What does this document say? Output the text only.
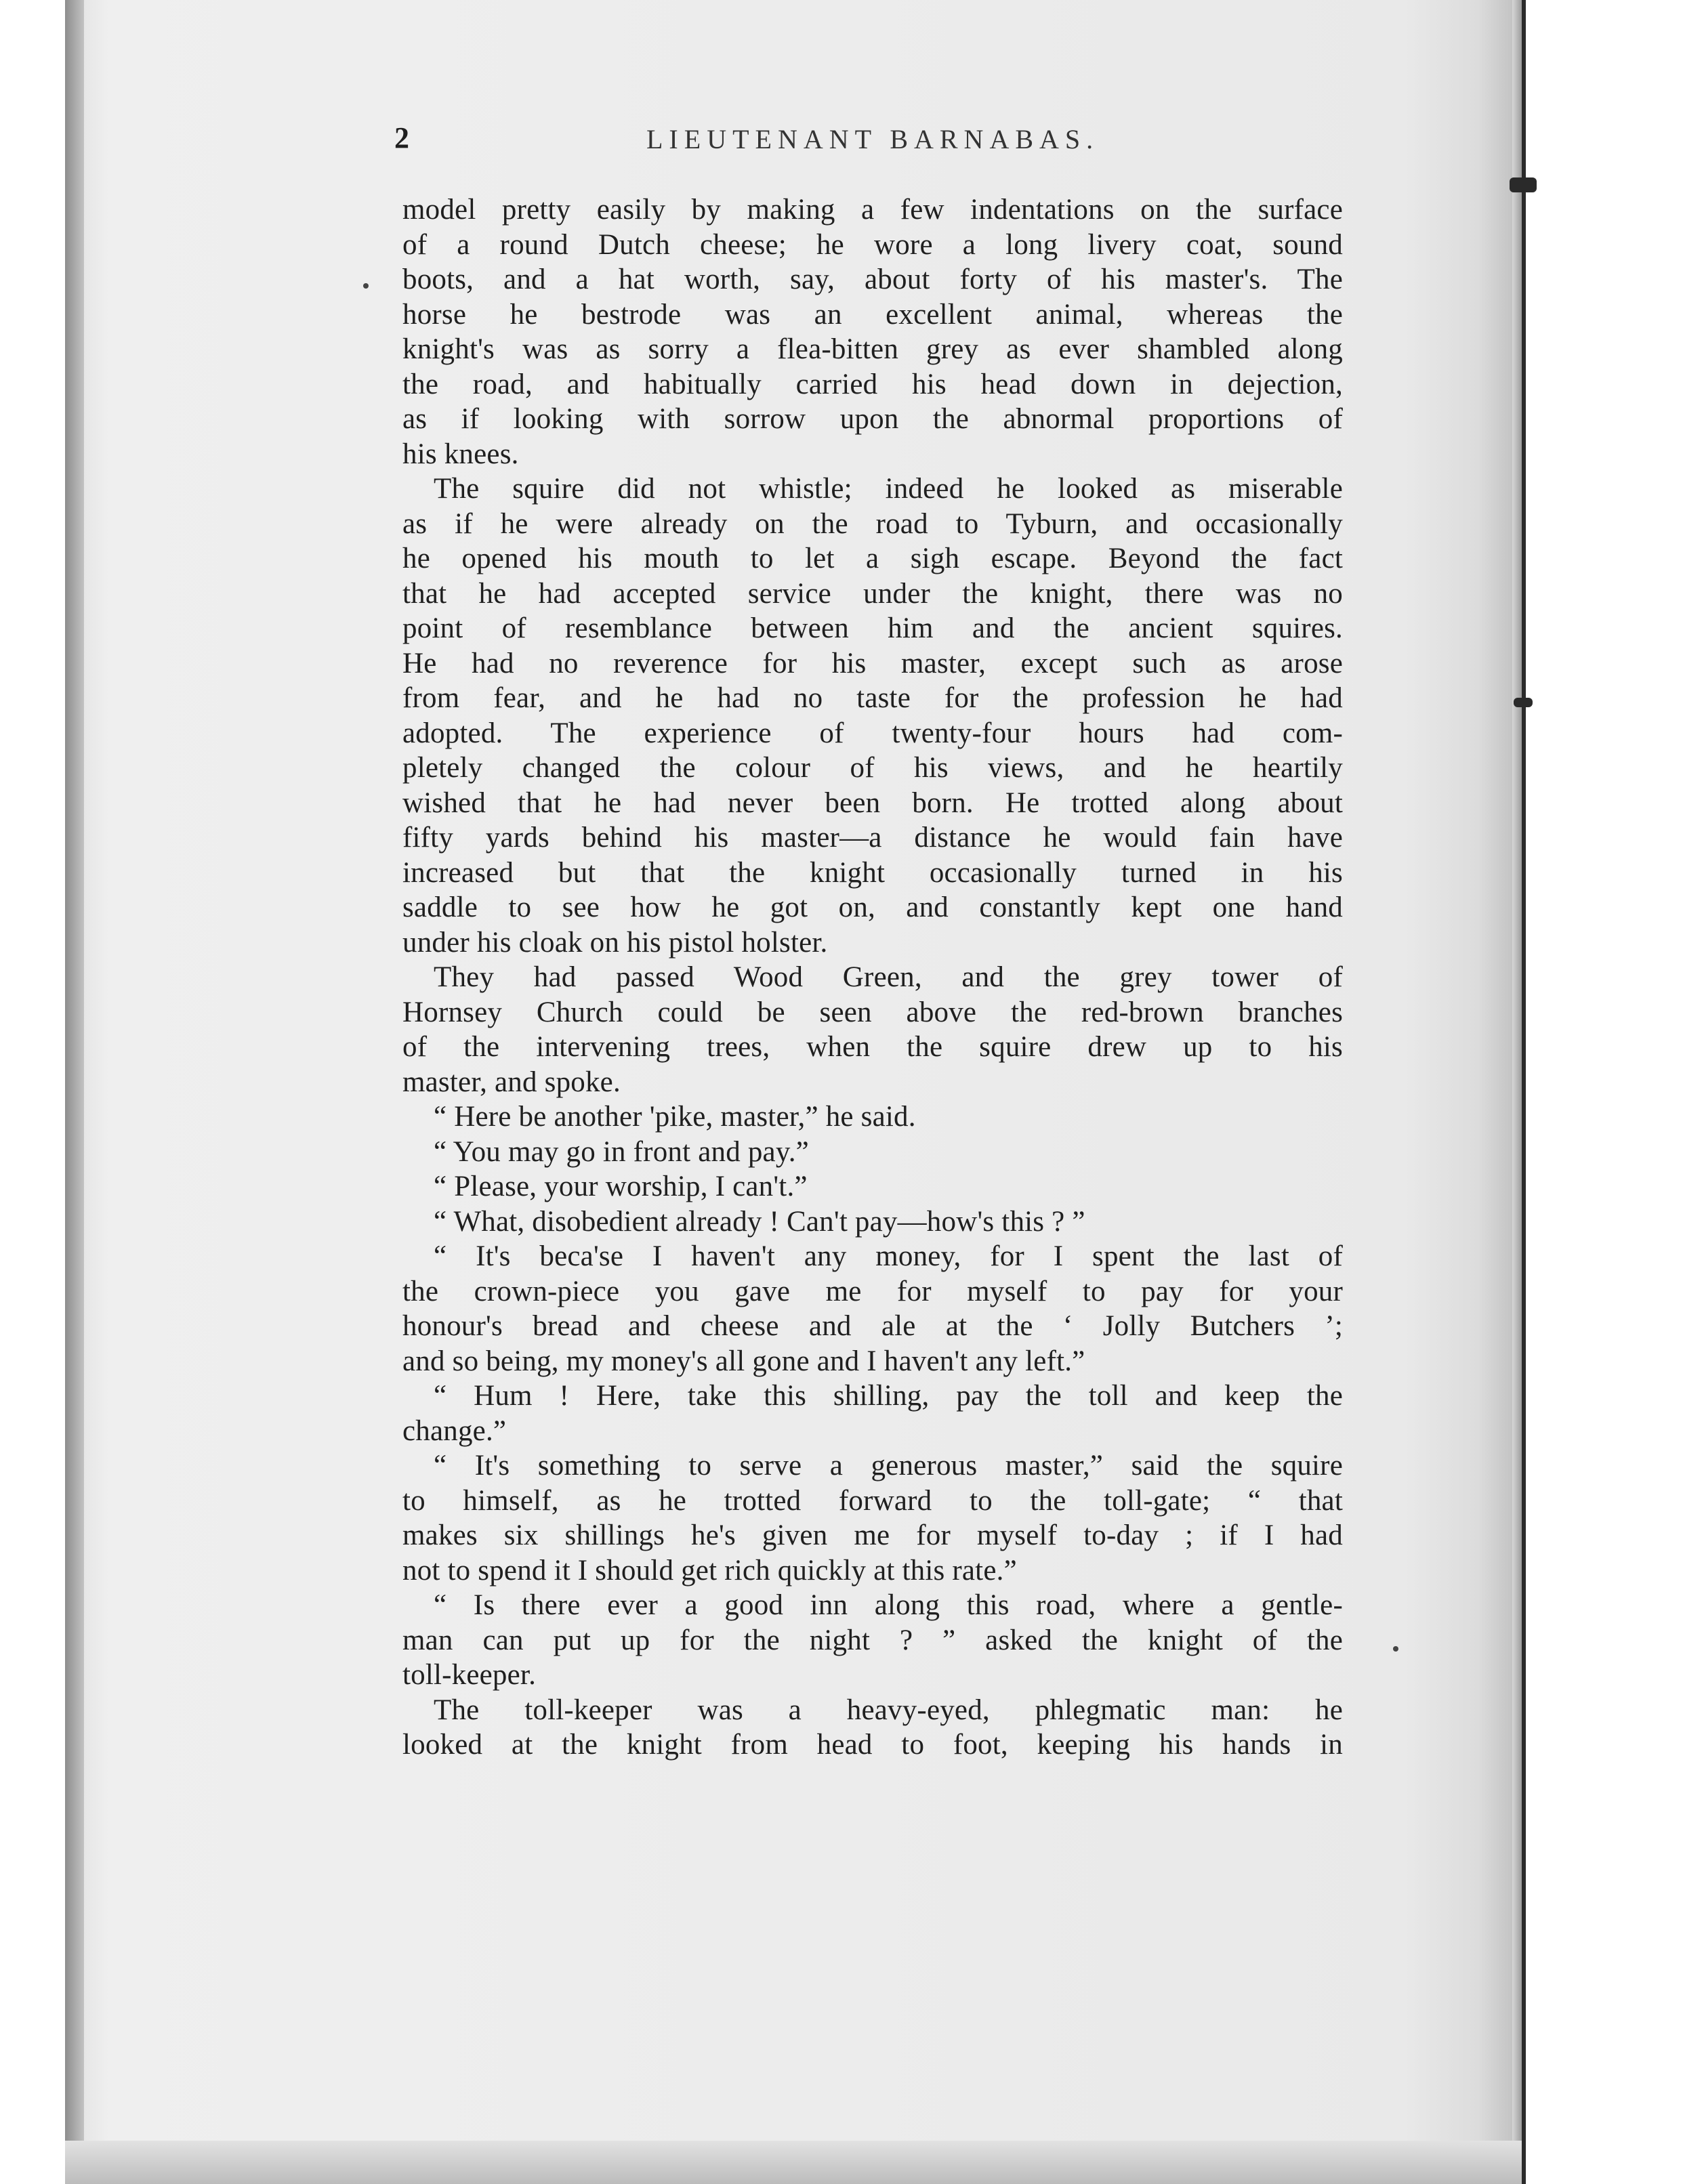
2	LIEUTENANT BARNABAS.
model pretty easily by making a few indentations on the surface
of a round Dutch cheese; he wore a long livery coat, sound
boots, and a hat worth, say, about forty of his master's. The
horse he bestrode was an excellent animal, whereas the
knight's was as sorry a flea-bitten grey as ever shambled along
the road, and habitually carried his head down in dejection,
as if looking with sorrow upon the abnormal proportions of
his knees.
The squire did not whistle; indeed he looked as miserable
as if he were already on the road to Tyburn, and occasionally
he opened his mouth to let a sigh escape. Beyond the fact
that he had accepted service under the knight, there was no
point of resemblance between him and the ancient squires.
He had no reverence for his master, except such as arose
from fear, and he had no taste for the profession he had
adopted. The experience of twenty-four hours had com-
pletely changed the colour of his views, and he heartily
wished that he had never been born. He trotted along about
fifty yards behind his master—a distance he would fain have
increased but that the knight occasionally turned in his
saddle to see how he got on, and constantly kept one hand
under his cloak on his pistol holster.
They had passed Wood Green, and the grey tower of
Hornsey Church could be seen above the red-brown branches
of the intervening trees, when the squire drew up to his
master, and spoke.
“ Here be another 'pike, master,” he said.
“ You may go in front and pay.”
“ Please, your worship, I can't.”
“ What, disobedient already ! Can't pay—how's this ? ”
“ It's beca'se I haven't any money, for I spent the last of
the crown-piece you gave me for myself to pay for your
honour's bread and cheese and ale at the ‘ Jolly Butchers ’;
and so being, my money's all gone and I haven't any left.”
“ Hum ! Here, take this shilling, pay the toll and keep the
change.”
“ It's something to serve a generous master,” said the squire
to himself, as he trotted forward to the toll-gate; “ that
makes six shillings he's given me for myself to-day ; if I had
not to spend it I should get rich quickly at this rate.”
“ Is there ever a good inn along this road, where a gentle-
man can put up for the night ? ” asked the knight of the
toll-keeper.
The toll-keeper was a heavy-eyed, phlegmatic man: he
looked at the knight from head to foot, keeping his hands in
